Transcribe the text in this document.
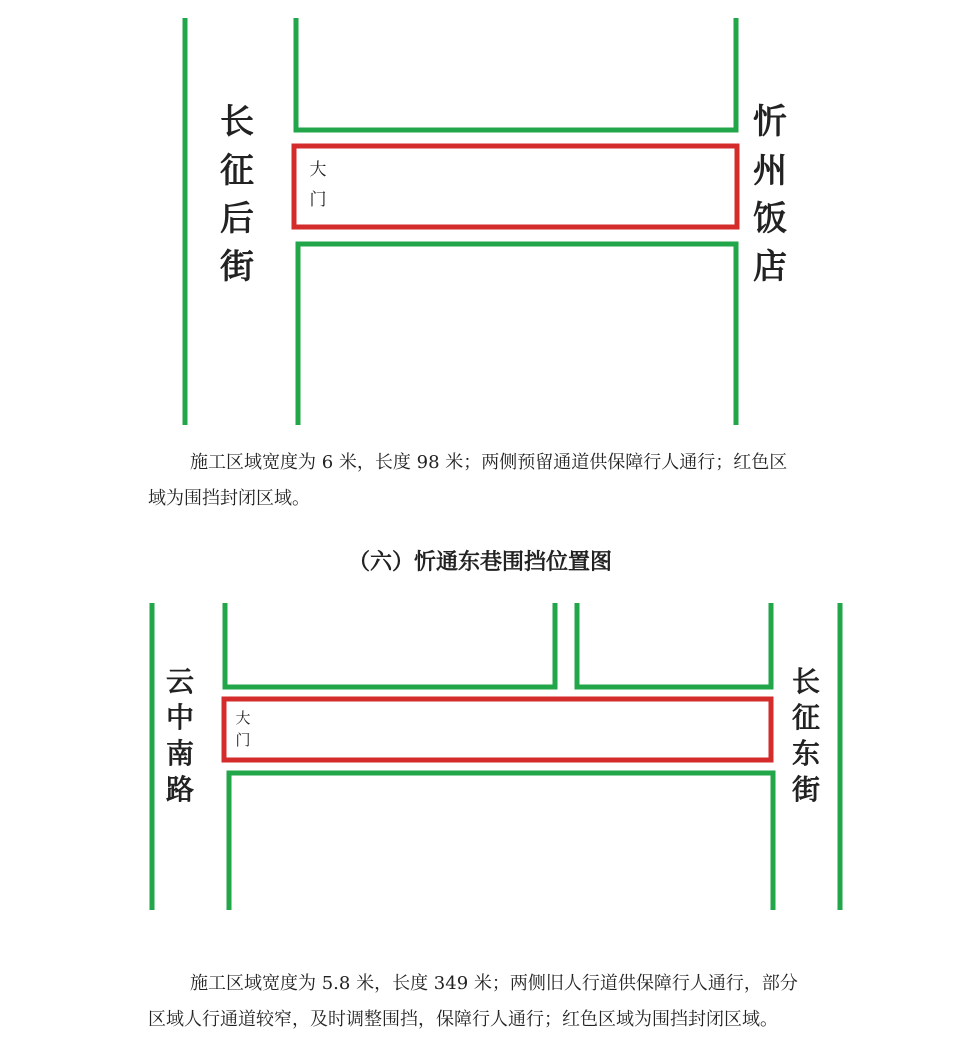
长
征
后
街
忻
州
饭
店
大
门
施工区域宽度为 6 米，长度 98 米；两侧预留通道供保障行人通行；红色区
域为围挡封闭区域。
（六）忻通东巷围挡位置图
云
中
南
路
长
征
东
街
大
门
施工区域宽度为 5.8 米，长度 349 米；两侧旧人行道供保障行人通行，部分
区域人行通道较窄，及时调整围挡，保障行人通行；红色区域为围挡封闭区域。
